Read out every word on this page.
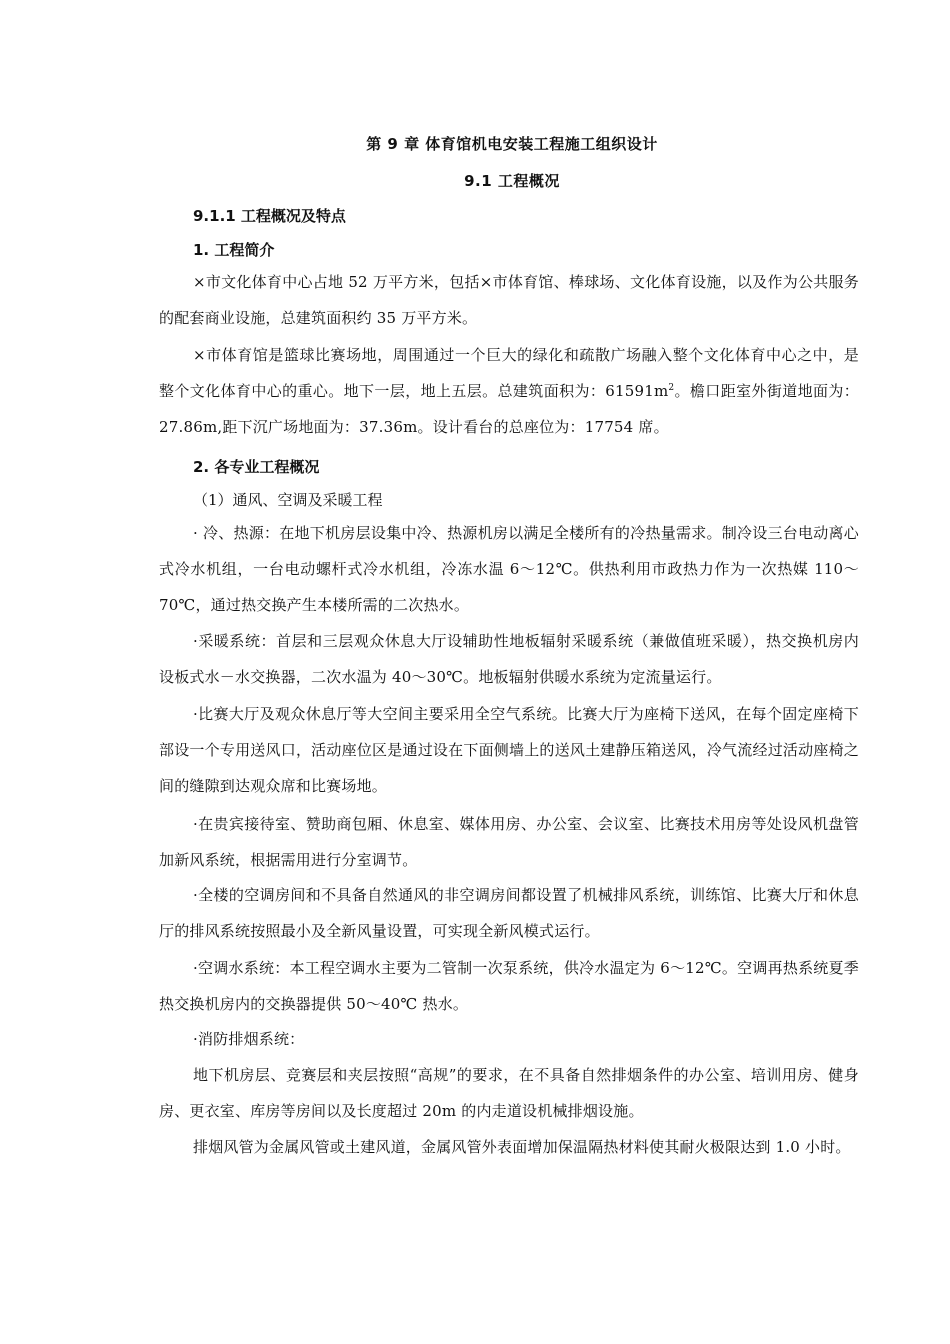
第 9 章 体育馆机电安装工程施工组织设计
9.1 工程概况
9.1.1 工程概况及特点
1. 工程简介
×市文化体育中心占地 52 万平方米，包括×市体育馆、棒球场、文化体育设施，以及作为公共服务的配套商业设施，总建筑面积约 35 万平方米。
×市体育馆是篮球比赛场地，周围通过一个巨大的绿化和疏散广场融入整个文化体育中心之中，是整个文化体育中心的重心。地下一层，地上五层。总建筑面积为：$61591m^2$。檐口距室外街道地面为：27.86m,距下沉广场地面为：37.36m。设计看台的总座位为：17754 席。
2. 各专业工程概况
（1）通风、空调及采暖工程
· 冷、热源：在地下机房层设集中冷、热源机房以满足全楼所有的冷热量需求。制冷设三台电动离心式冷水机组，一台电动螺杆式冷水机组，冷冻水温 6～12℃。供热利用市政热力作为一次热媒 110～70℃，通过热交换产生本楼所需的二次热水。
·采暖系统：首层和三层观众休息大厅设辅助性地板辐射采暖系统（兼做值班采暖），热交换机房内设板式水－水交换器，二次水温为 40～30℃。地板辐射供暖水系统为定流量运行。
·比赛大厅及观众休息厅等大空间主要采用全空气系统。比赛大厅为座椅下送风，在每个固定座椅下部设一个专用送风口，活动座位区是通过设在下面侧墙上的送风土建静压箱送风，冷气流经过活动座椅之间的缝隙到达观众席和比赛场地。
·在贵宾接待室、赞助商包厢、休息室、媒体用房、办公室、会议室、比赛技术用房等处设风机盘管加新风系统，根据需用进行分室调节。
·全楼的空调房间和不具备自然通风的非空调房间都设置了机械排风系统，训练馆、比赛大厅和休息厅的排风系统按照最小及全新风量设置，可实现全新风模式运行。
·空调水系统：本工程空调水主要为二管制一次泵系统，供冷水温定为 6～12℃。空调再热系统夏季热交换机房内的交换器提供 50～40℃ 热水。
·消防排烟系统：
地下机房层、竞赛层和夹层按照“高规”的要求，在不具备自然排烟条件的办公室、培训用房、健身房、更衣室、库房等房间以及长度超过 20m 的内走道设机械排烟设施。
排烟风管为金属风管或土建风道，金属风管外表面增加保温隔热材料使其耐火极限达到 1.0 小时。
